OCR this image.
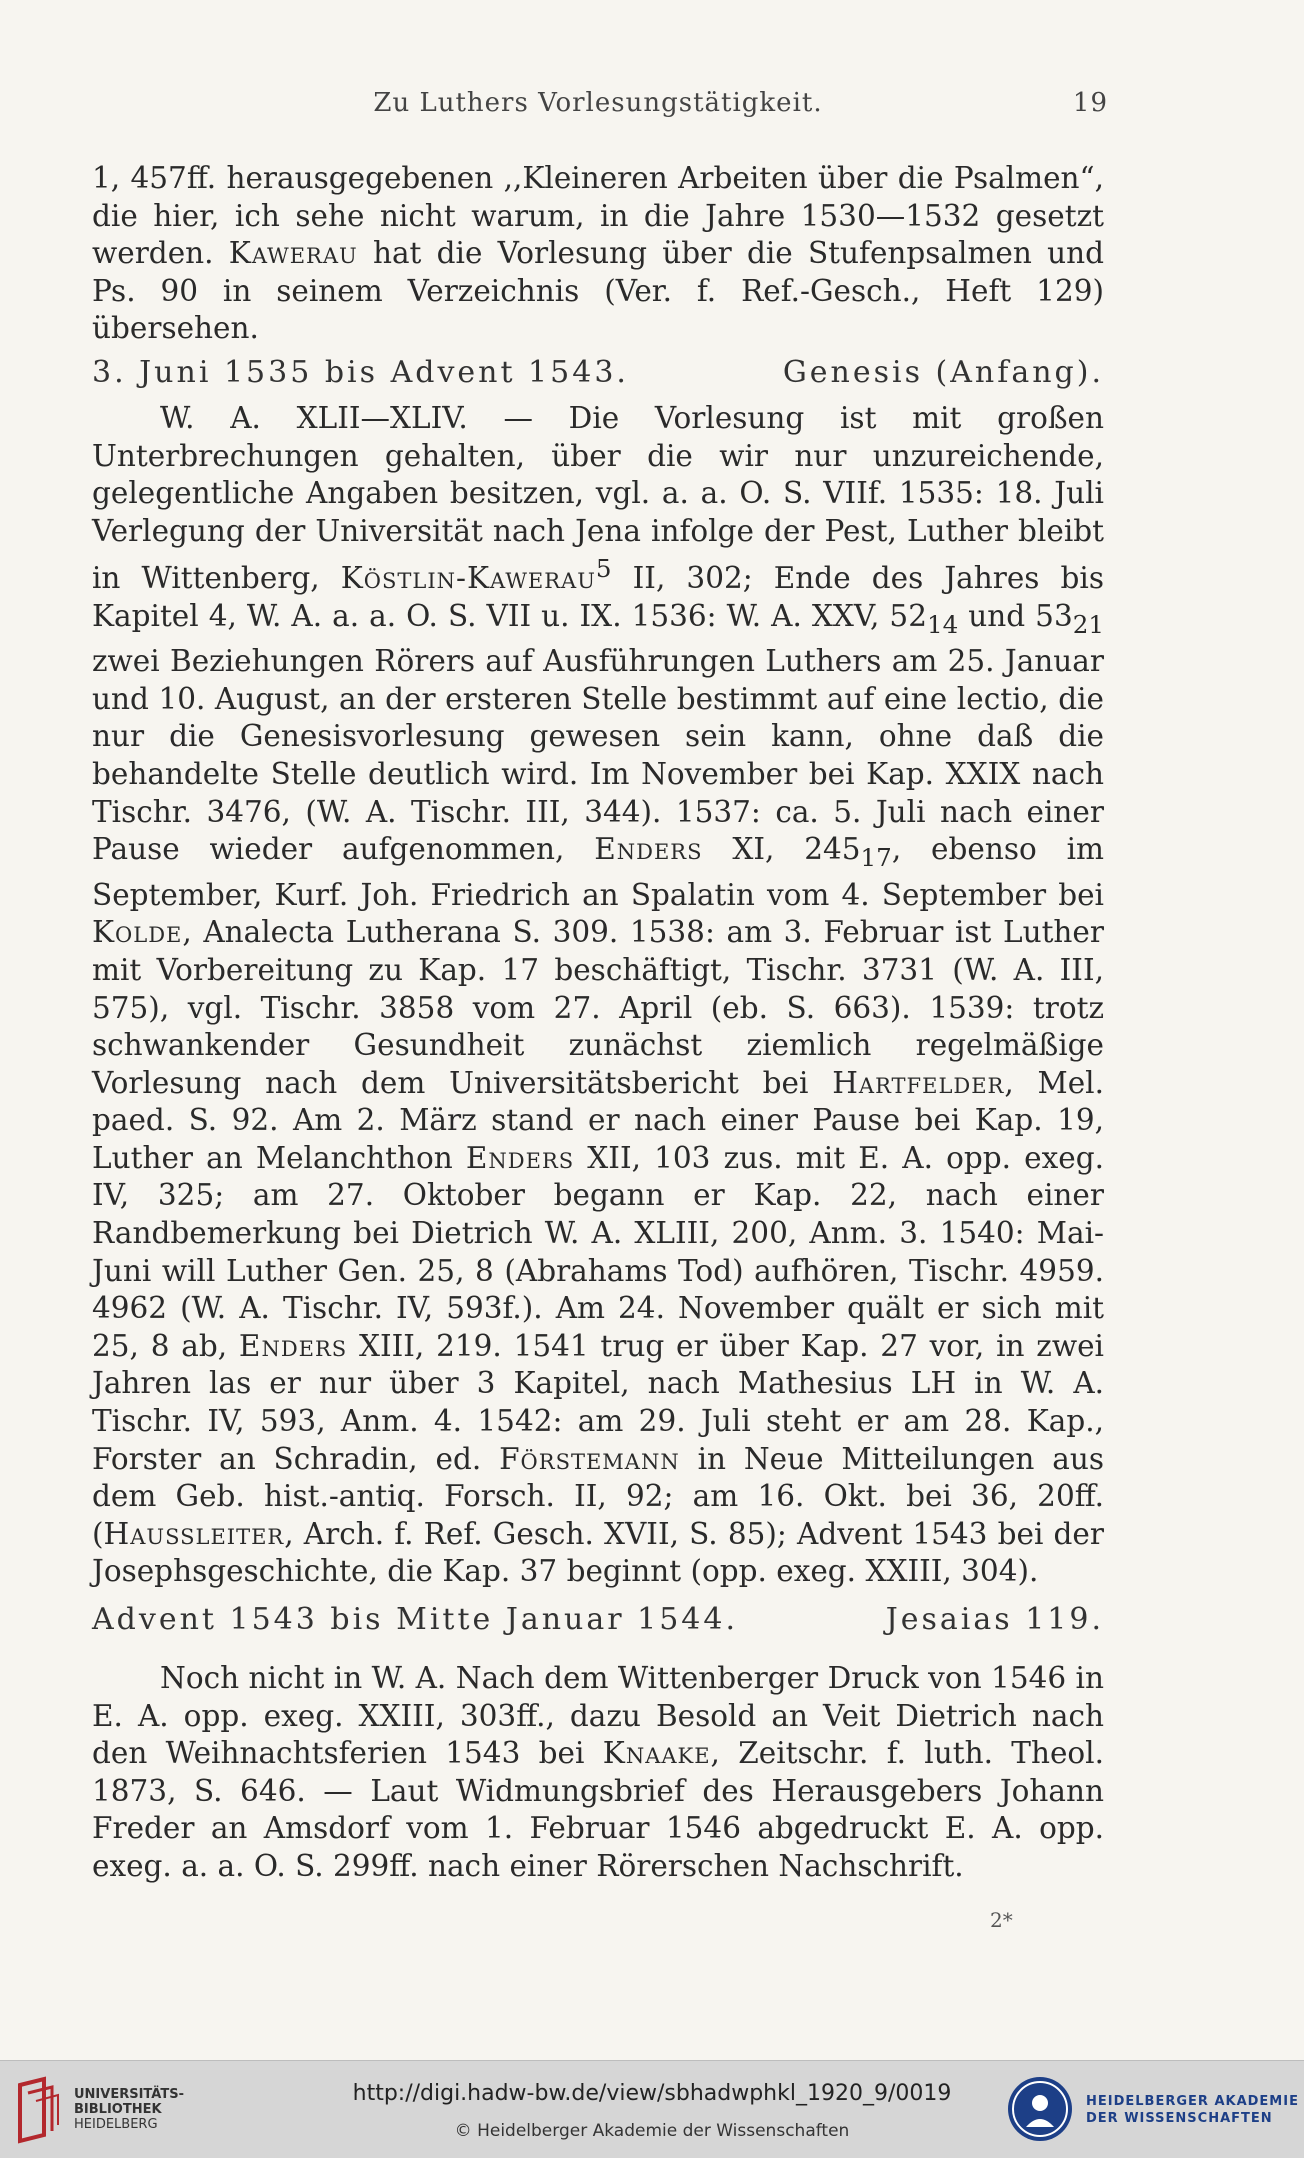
Zu Luthers Vorlesungstätigkeit.	19

1, 457ff. herausgegebenen ,,Kleineren Arbeiten über die Psalmen“, die hier, ich sehe nicht warum, in die Jahre 1530—1532 gesetzt werden. Kawerau hat die Vorlesung über die Stufenpsalmen und Ps. 90 in seinem Verzeichnis (Ver. f. Ref.-Gesch., Heft 129) übersehen.

3. Juni 1535 bis Advent 1543.	Genesis (Anfang).

W. A. XLII—XLIV. — Die Vorlesung ist mit großen Unterbrechungen gehalten, über die wir nur unzureichende, gelegentliche Angaben besitzen, vgl. a. a. O. S. VIIf. 1535: 18. Juli Verlegung der Universität nach Jena infolge der Pest, Luther bleibt in Wittenberg, Köstlin-Kawerau$^5$ II, 302; Ende des Jahres bis Kapitel 4, W. A. a. a. O. S. VII u. IX. 1536: W. A. XXV, $52_{14}$ und $53_{21}$ zwei Beziehungen Rörers auf Ausführungen Luthers am 25. Januar und 10. August, an der ersteren Stelle bestimmt auf eine lectio, die nur die Genesisvorlesung gewesen sein kann, ohne daß die behandelte Stelle deutlich wird. Im November bei Kap. XXIX nach Tischr. 3476, (W. A. Tischr. III, 344). 1537: ca. 5. Juli nach einer Pause wieder aufgenommen, Enders XI, $245_{17}$, ebenso im September, Kurf. Joh. Friedrich an Spalatin vom 4. September bei Kolde, Analecta Lutherana S. 309. 1538: am 3. Februar ist Luther mit Vorbereitung zu Kap. 17 beschäftigt, Tischr. 3731 (W. A. III, 575), vgl. Tischr. 3858 vom 27. April (eb. S. 663). 1539: trotz schwankender Gesundheit zunächst ziemlich regelmäßige Vorlesung nach dem Universitätsbericht bei Hartfelder, Mel. paed. S. 92. Am 2. März stand er nach einer Pause bei Kap. 19, Luther an Melanchthon Enders XII, 103 zus. mit E. A. opp. exeg. IV, 325; am 27. Oktober begann er Kap. 22, nach einer Randbemerkung bei Dietrich W. A. XLIII, 200, Anm. 3. 1540: Mai-Juni will Luther Gen. 25, 8 (Abrahams Tod) aufhören, Tischr. 4959. 4962 (W. A. Tischr. IV, 593f.). Am 24. November quält er sich mit 25, 8 ab, Enders XIII, 219. 1541 trug er über Kap. 27 vor, in zwei Jahren las er nur über 3 Kapitel, nach Mathesius LH in W. A. Tischr. IV, 593, Anm. 4. 1542: am 29. Juli steht er am 28. Kap., Forster an Schradin, ed. Förstemann in Neue Mitteilungen aus dem Geb. hist.-antiq. Forsch. II, 92; am 16. Okt. bei 36, 20ff. (Haussleiter, Arch. f. Ref. Gesch. XVII, S. 85); Advent 1543 bei der Josephsgeschichte, die Kap. 37 beginnt (opp. exeg. XXIII, 304).

Advent 1543 bis Mitte Januar 1544.	Jesaias 119.

Noch nicht in W. A. Nach dem Wittenberger Druck von 1546 in E. A. opp. exeg. XXIII, 303ff., dazu Besold an Veit Dietrich nach den Weihnachtsferien 1543 bei Knaake, Zeitschr. f. luth. Theol. 1873, S. 646. — Laut Widmungsbrief des Herausgebers Johann Freder an Amsdorf vom 1. Februar 1546 abgedruckt E. A. opp. exeg. a. a. O. S. 299ff. nach einer Rörerschen Nachschrift.

2*
UNIVERSITÄTS-
BIBLIOTHEK
HEIDELBERG
http://digi.hadw-bw.de/view/sbhadwphkl_1920_9/0019
© Heidelberger Akademie der Wissenschaften
HEIDELBERGER AKADEMIE
DER WISSENSCHAFTEN
